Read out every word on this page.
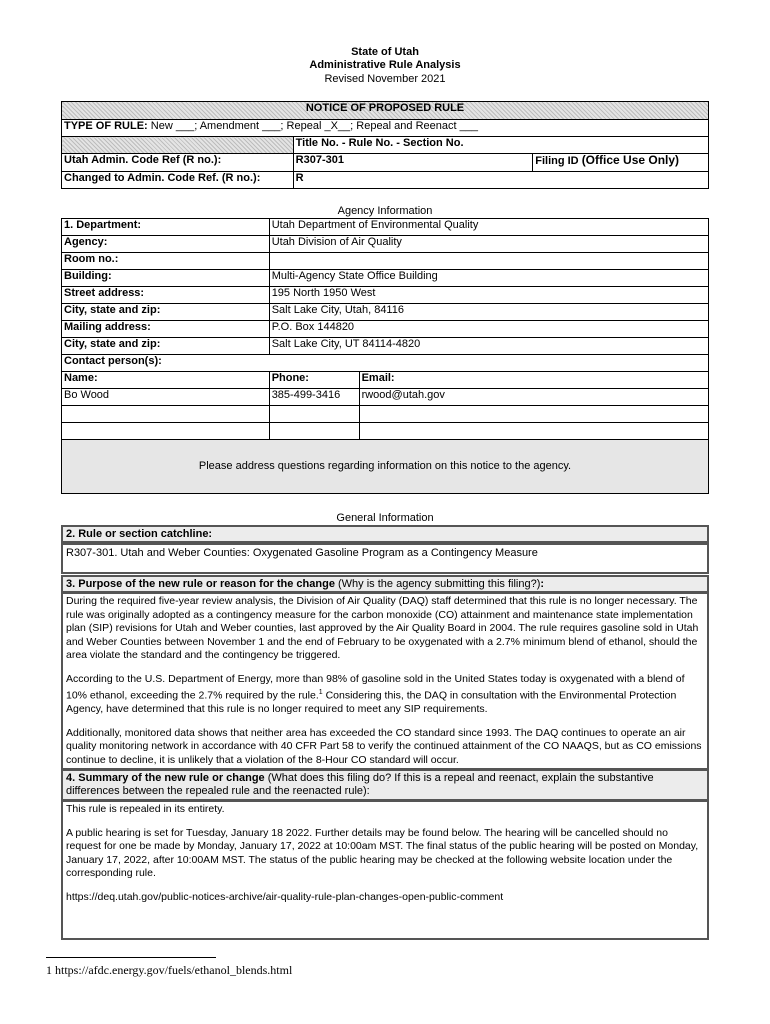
State of Utah
Administrative Rule Analysis
Revised November 2021
NOTICE OF PROPOSED RULE		
TYPE OF RULE: New ___; Amendment ___; Repeal _X__; Repeal and Reenact ___		
	Title No. - Rule No. - Section No.	
Utah Admin. Code Ref (R no.):	R307-301	Filing ID (Office Use Only)
Changed to Admin. Code Ref. (R no.):	R	
Agency Information
1. Department:	Utah Department of Environmental Quality	
Agency:	Utah Division of Air Quality	
Room no.:		
Building:	Multi-Agency State Office Building	
Street address:	195 North 1950 West	
City, state and zip:	Salt Lake City, Utah, 84116	
Mailing address:	P.O. Box 144820	
City, state and zip:	Salt Lake City, UT 84114-4820	
Contact person(s):		
Name:	Phone:	Email:
Bo Wood	385-499-3416	rwood@utah.gov

Please address questions regarding information on this notice to the agency.		
General Information
2. Rule or section catchline:
R307-301. Utah and Weber Counties: Oxygenated Gasoline Program as a Contingency Measure
3. Purpose of the new rule or reason for the change (Why is the agency submitting this filing?):

During the required five-year review analysis, the Division of Air Quality (DAQ) staff determined that this rule is no longer necessary. The rule was originally adopted as a contingency measure for the carbon monoxide (CO) attainment and maintenance state implementation plan (SIP) revisions for Utah and Weber counties, last approved by the Air Quality Board in 2004. The rule requires gasoline sold in Utah and Weber Counties between November 1 and the end of February to be oxygenated with a 2.7% minimum blend of ethanol, should the area violate the standard and the contingency be triggered.

According to the U.S. Department of Energy, more than 98% of gasoline sold in the United States today is oxygenated with a blend of 10% ethanol, exceeding the 2.7% required by the rule.$^1$ Considering this, the DAQ in consultation with the Environmental Protection Agency, have determined that this rule is no longer required to meet any SIP requirements.

Additionally, monitored data shows that neither area has exceeded the CO standard since 1993. The DAQ continues to operate an air quality monitoring network in accordance with 40 CFR Part 58 to verify the continued attainment of the CO NAAQS, but as CO emissions continue to decline, it is unlikely that a violation of the 8-Hour CO standard will occur.

4. Summary of the new rule or change (What does this filing do? If this is a repeal and reenact, explain the substantive differences between the repealed rule and the reenacted rule):

This rule is repealed in its entirety.

A public hearing is set for Tuesday, January 18 2022. Further details may be found below. The hearing will be cancelled should no request for one be made by Monday, January 17, 2022 at 10:00am MST. The final status of the public hearing will be posted on Monday, January 17, 2022, after 10:00AM MST. The status of the public hearing may be checked at the following website location under the corresponding rule.

https://deq.utah.gov/public-notices-archive/air-quality-rule-plan-changes-open-public-comment

1 https://afdc.energy.gov/fuels/ethanol_blends.html
